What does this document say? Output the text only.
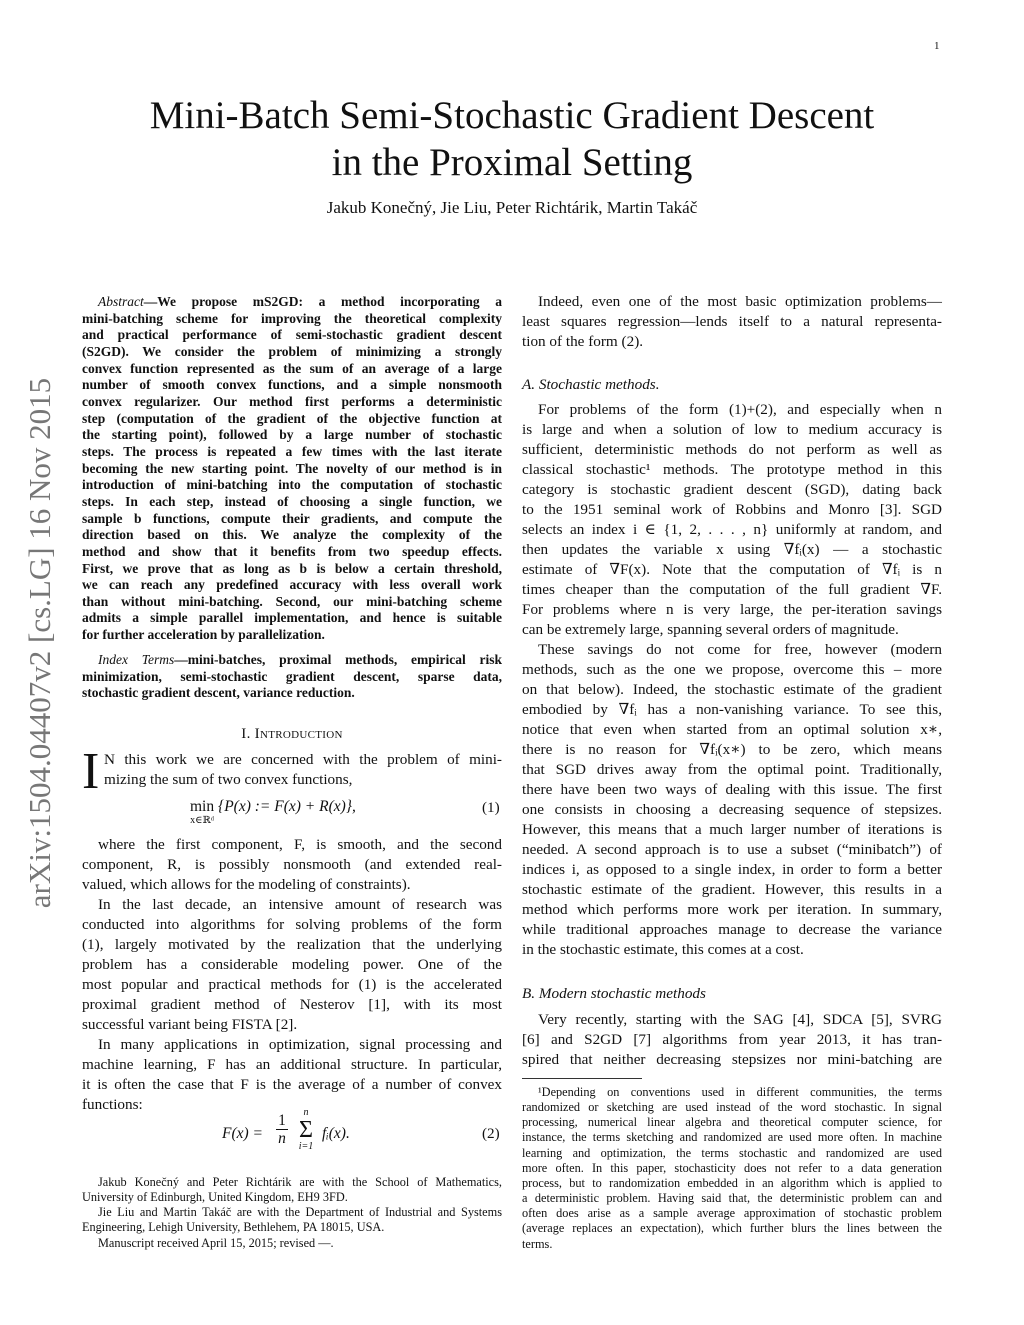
1
arXiv:1504.04407v2 [cs.LG] 16 Nov 2015
Mini-Batch Semi-Stochastic Gradient Descent
in the Proximal Setting
Jakub Konečný, Jie Liu, Peter Richtárik, Martin Takáč
Abstract—We propose mS2GD: a method incorporating a
mini-batching scheme for improving the theoretical complexity
and practical performance of semi-stochastic gradient descent
(S2GD). We consider the problem of minimizing a strongly
convex function represented as the sum of an average of a large
number of smooth convex functions, and a simple nonsmooth
convex regularizer. Our method first performs a deterministic
step (computation of the gradient of the objective function at
the starting point), followed by a large number of stochastic
steps. The process is repeated a few times with the last iterate
becoming the new starting point. The novelty of our method is in
introduction of mini-batching into the computation of stochastic
steps. In each step, instead of choosing a single function, we
sample b functions, compute their gradients, and compute the
direction based on this. We analyze the complexity of the
method and show that it benefits from two speedup effects.
First, we prove that as long as b is below a certain threshold,
we can reach any predefined accuracy with less overall work
than without mini-batching. Second, our mini-batching scheme
admits a simple parallel implementation, and hence is suitable
for further acceleration by parallelization.
Index Terms—mini-batches, proximal methods, empirical risk
minimization, semi-stochastic gradient descent, sparse data,
stochastic gradient descent, variance reduction.
I. Introduction
I N this work we are concerned with the problem of mini-
mizing the sum of two convex functions,
min
$^{x\in ℝᵈ}$ {P(x) := F(x) + R(x)},	(1)
where the first component, F, is smooth, and the second
component, R, is possibly nonsmooth (and extended real-
valued, which allows for the modeling of constraints).
In the last decade, an intensive amount of research was
conducted into algorithms for solving problems of the form
(1), largely motivated by the realization that the underlying
problem has a considerable modeling power. One of the
most popular and practical methods for (1) is the accelerated
proximal gradient method of Nesterov [1], with its most
successful variant being FISTA [2].
In many applications in optimization, signal processing and
machine learning, F has an additional structure. In particular,
it is often the case that F is the average of a number of convex
functions:
$F(x) = \frac{1}{n}$	n
Σ
i=1
fᵢ(x).	(2)
Jakub Konečný and Peter Richtárik are with the School of Mathematics,
University of Edinburgh, United Kingdom, EH9 3FD.
Jie Liu and Martin Takáč are with the Department of Industrial and Systems
Engineering, Lehigh University, Bethlehem, PA 18015, USA.
Manuscript received April 15, 2015; revised —.
Indeed, even one of the most basic optimization problems—
least squares regression—lends itself to a natural representa-
tion of the form (2).
A. Stochastic methods.
For problems of the form (1)+(2), and especially when n
is large and when a solution of low to medium accuracy is
sufficient, deterministic methods do not perform as well as
classical stochastic¹ methods. The prototype method in this
category is stochastic gradient descent (SGD), dating back
to the 1951 seminal work of Robbins and Monro [3]. SGD
selects an index i ∈ {1, 2, . . . , n} uniformly at random, and
then updates the variable x using ∇fᵢ(x) — a stochastic
estimate of ∇F(x). Note that the computation of ∇fᵢ is n
times cheaper than the computation of the full gradient ∇F.
For problems where n is very large, the per-iteration savings
can be extremely large, spanning several orders of magnitude.
These savings do not come for free, however (modern
methods, such as the one we propose, overcome this – more
on that below). Indeed, the stochastic estimate of the gradient
embodied by ∇fᵢ has a non-vanishing variance. To see this,
notice that even when started from an optimal solution x∗,
there is no reason for ∇fᵢ(x∗) to be zero, which means
that SGD drives away from the optimal point. Traditionally,
there have been two ways of dealing with this issue. The first
one consists in choosing a decreasing sequence of stepsizes.
However, this means that a much larger number of iterations is
needed. A second approach is to use a subset (“minibatch”) of
indices i, as opposed to a single index, in order to form a better
stochastic estimate of the gradient. However, this results in a
method which performs more work per iteration. In summary,
while traditional approaches manage to decrease the variance
in the stochastic estimate, this comes at a cost.
B. Modern stochastic methods
Very recently, starting with the SAG [4], SDCA [5], SVRG
[6] and S2GD [7] algorithms from year 2013, it has tran-
spired that neither decreasing stepsizes nor mini-batching are
¹Depending on conventions used in different communities, the terms
randomized or sketching are used instead of the word stochastic. In signal
processing, numerical linear algebra and theoretical computer science, for
instance, the terms sketching and randomized are used more often. In machine
learning and optimization, the terms stochastic and randomized are used
more often. In this paper, stochasticity does not refer to a data generation
process, but to randomization embedded in an algorithm which is applied to
a deterministic problem. Having said that, the deterministic problem can and
often does arise as a sample average approximation of stochastic problem
(average replaces an expectation), which further blurs the lines between the
terms.
